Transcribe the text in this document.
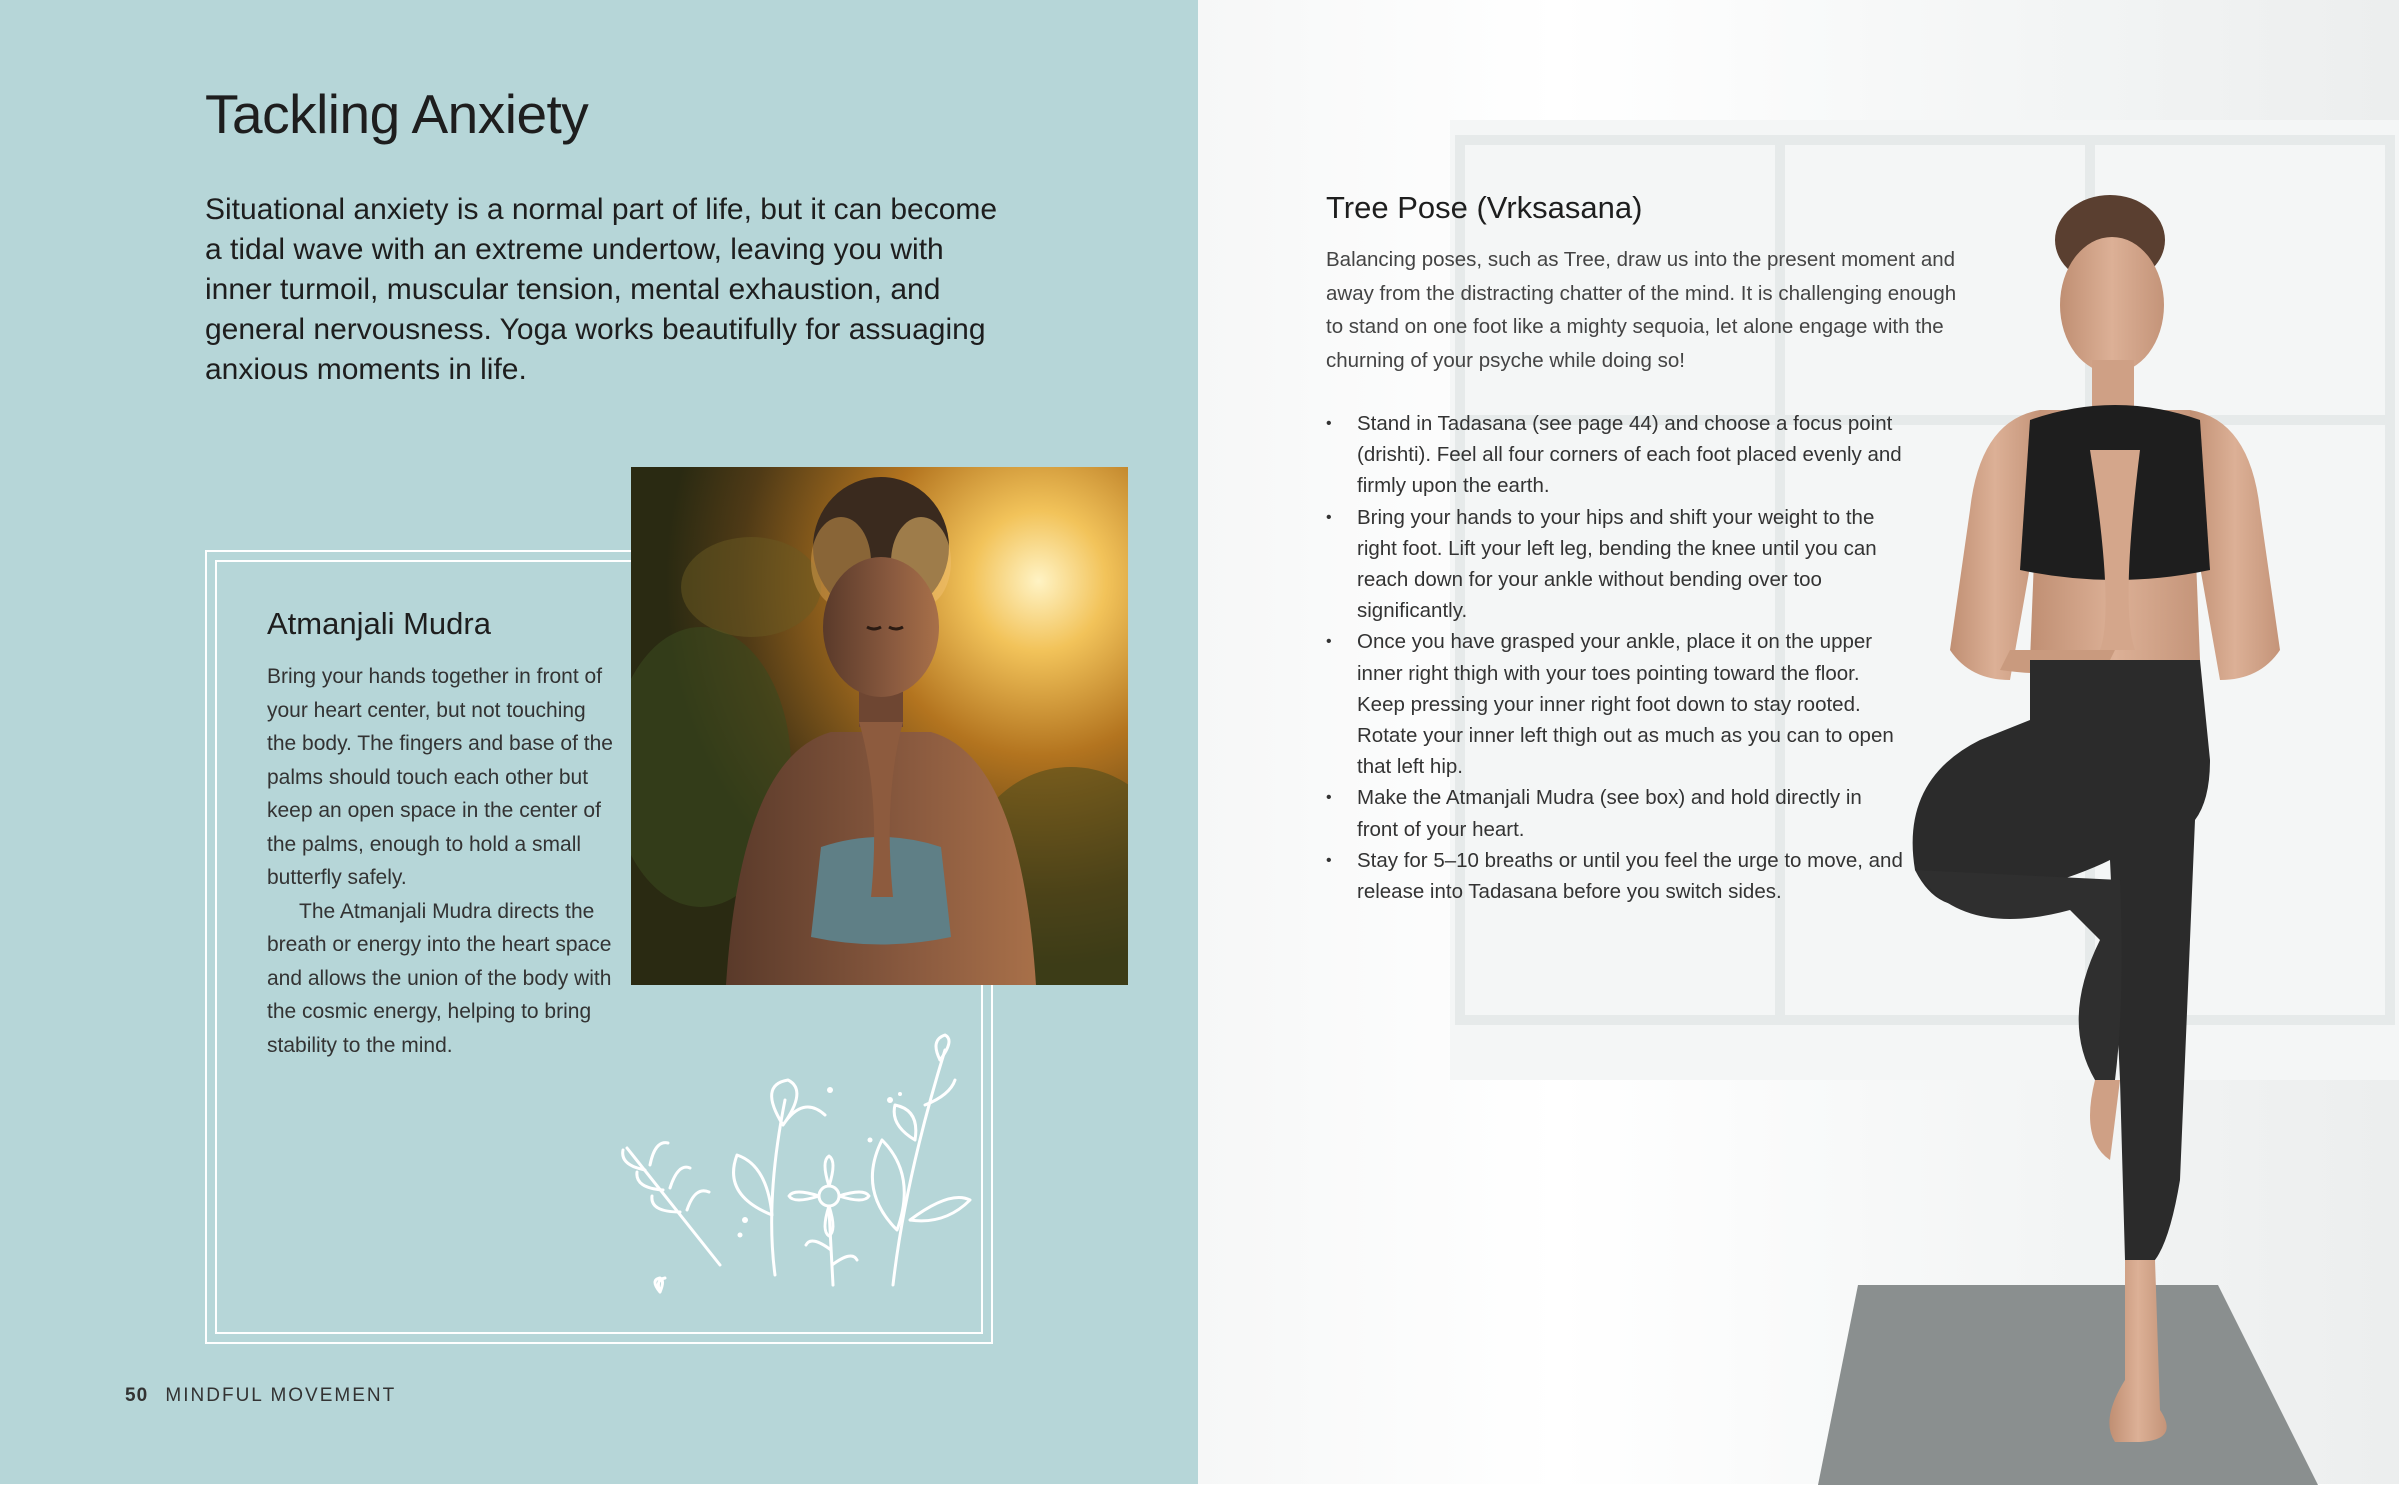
Tackling Anxiety

Situational anxiety is a normal part of life, but it can become a tidal wave with an extreme undertow, leaving you with inner turmoil, muscular tension, mental exhaustion, and general nervousness. Yoga works beautifully for assuaging anxious moments in life.

Atmanjali Mudra

Bring your hands together in front of your heart center, but not touching the body. The fingers and base of the palms should touch each other but keep an open space in the center of the palms, enough to hold a small butterfly safely.
The Atmanjali Mudra directs the breath or energy into the heart space and allows the union of the body with the cosmic energy, helping to bring stability to the mind.

50 MINDFUL MOVEMENT
Tree Pose (Vrksasana)

Balancing poses, such as Tree, draw us into the present moment and away from the distracting chatter of the mind. It is challenging enough to stand on one foot like a mighty sequoia, let alone engage with the churning of your psyche while doing so!

• Stand in Tadasana (see page 44) and choose a focus point (drishti). Feel all four corners of each foot placed evenly and firmly upon the earth.
• Bring your hands to your hips and shift your weight to the right foot. Lift your left leg, bending the knee until you can reach down for your ankle without bending over too significantly.
• Once you have grasped your ankle, place it on the upper inner right thigh with your toes pointing toward the floor. Keep pressing your inner right foot down to stay rooted. Rotate your inner left thigh out as much as you can to open that left hip.
• Make the Atmanjali Mudra (see box) and hold directly in front of your heart.
• Stay for 5–10 breaths or until you feel the urge to move, and release into Tadasana before you switch sides.
